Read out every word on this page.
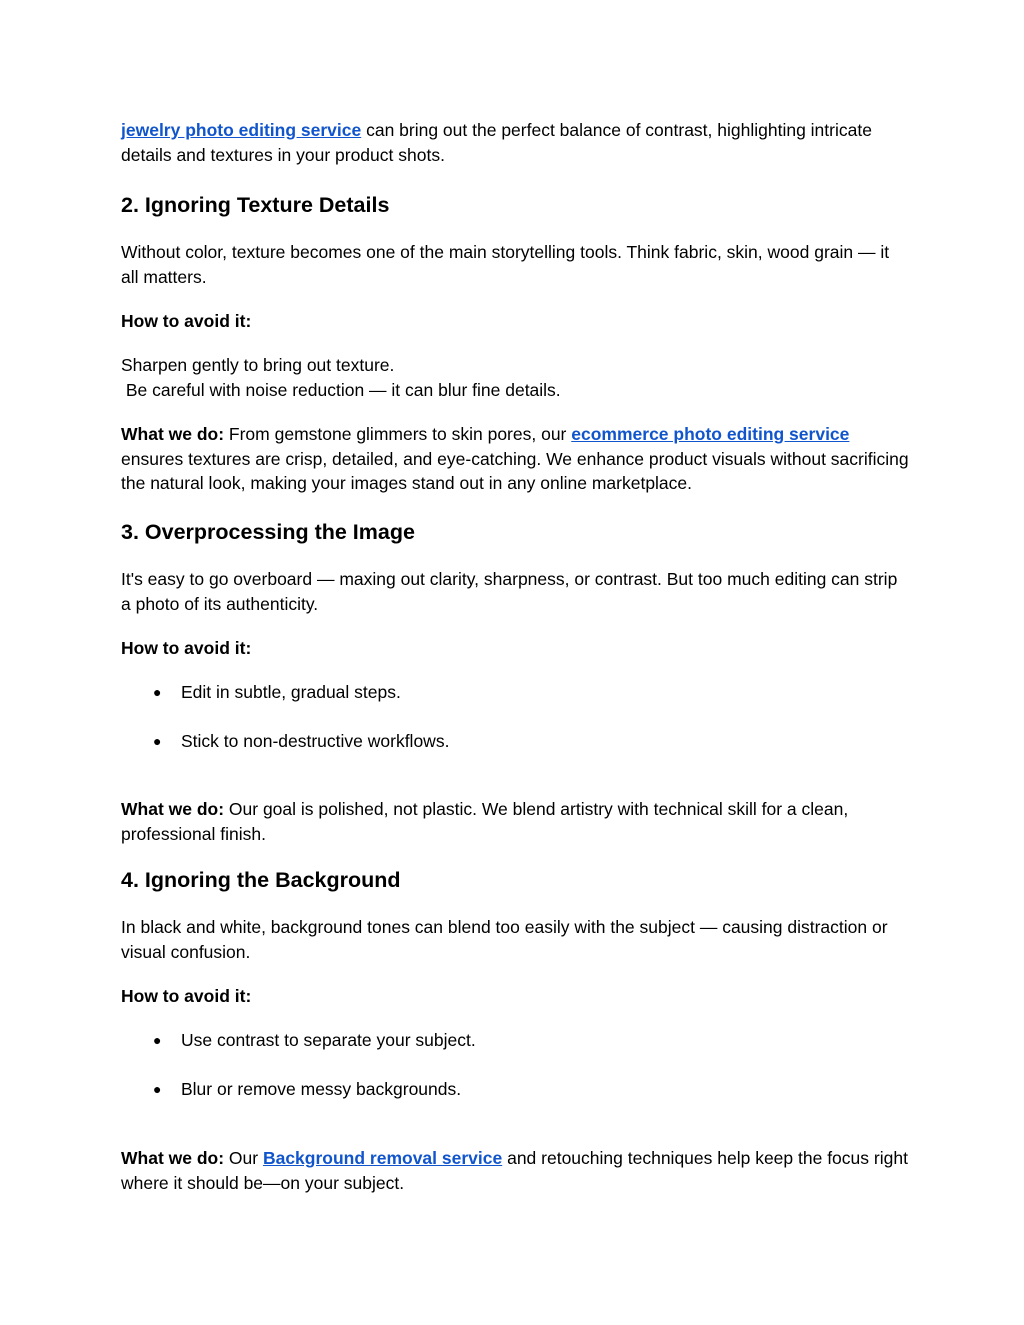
jewelry photo editing service can bring out the perfect balance of contrast, highlighting intricate details and textures in your product shots.

2. Ignoring Texture Details

Without color, texture becomes one of the main storytelling tools. Think fabric, skin, wood grain — it all matters.

How to avoid it:

Sharpen gently to bring out texture.
Be careful with noise reduction — it can blur fine details.

What we do: From gemstone glimmers to skin pores, our ecommerce photo editing service ensures textures are crisp, detailed, and eye-catching. We enhance product visuals without sacrificing the natural look, making your images stand out in any online marketplace.

3. Overprocessing the Image

It's easy to go overboard — maxing out clarity, sharpness, or contrast. But too much editing can strip a photo of its authenticity.

How to avoid it:

● Edit in subtle, gradual steps.
● Stick to non-destructive workflows.

What we do: Our goal is polished, not plastic. We blend artistry with technical skill for a clean, professional finish.

4. Ignoring the Background

In black and white, background tones can blend too easily with the subject — causing distraction or visual confusion.

How to avoid it:

● Use contrast to separate your subject.
● Blur or remove messy backgrounds.

What we do: Our Background removal service and retouching techniques help keep the focus right where it should be—on your subject.
